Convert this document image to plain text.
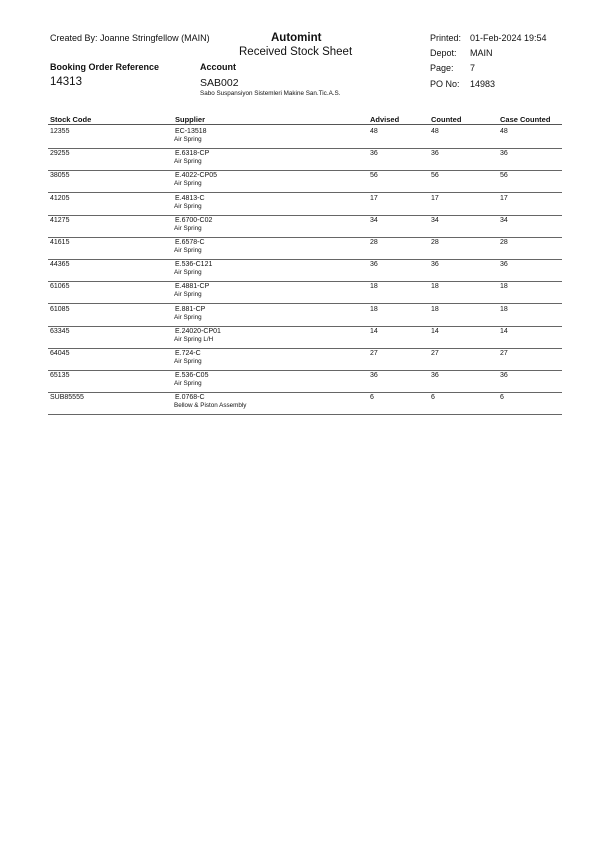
Created By: Joanne Stringfellow (MAIN)	Automint
Received Stock Sheet
Printed: 01-Feb-2024 19:54
Depot: MAIN
Page: 7
PO No: 14983
Booking Order Reference
14313
Account
SAB002
Sabo Suspansiyon Sistemleri Makine San.Tic.A.S.
Stock Code	Supplier	Advised	Counted	Case Counted
12355	EC-13518	48	48	48
Air Spring
29255	E.6318-CP	36	36	36
Air Spring
38055	E.4022-CP05	56	56	56
Air Spring
41205	E.4813-C	17	17	17
Air Spring
41275	E.6700-C02	34	34	34
Air Spring
41615	E.6578-C	28	28	28
Air Spring
44365	E.536-C121	36	36	36
Air Spring
61065	E.4881-CP	18	18	18
Air Spring
61085	E.881-CP	18	18	18
Air Spring
63345	E.24020-CP01	14	14	14
Air Spring L/H
64045	E.724-C	27	27	27
Air Spring
65135	E.536-C05	36	36	36
Air Spring
SUB85555	E.0768-C	6	6	6
Bellow & Piston Assembly
